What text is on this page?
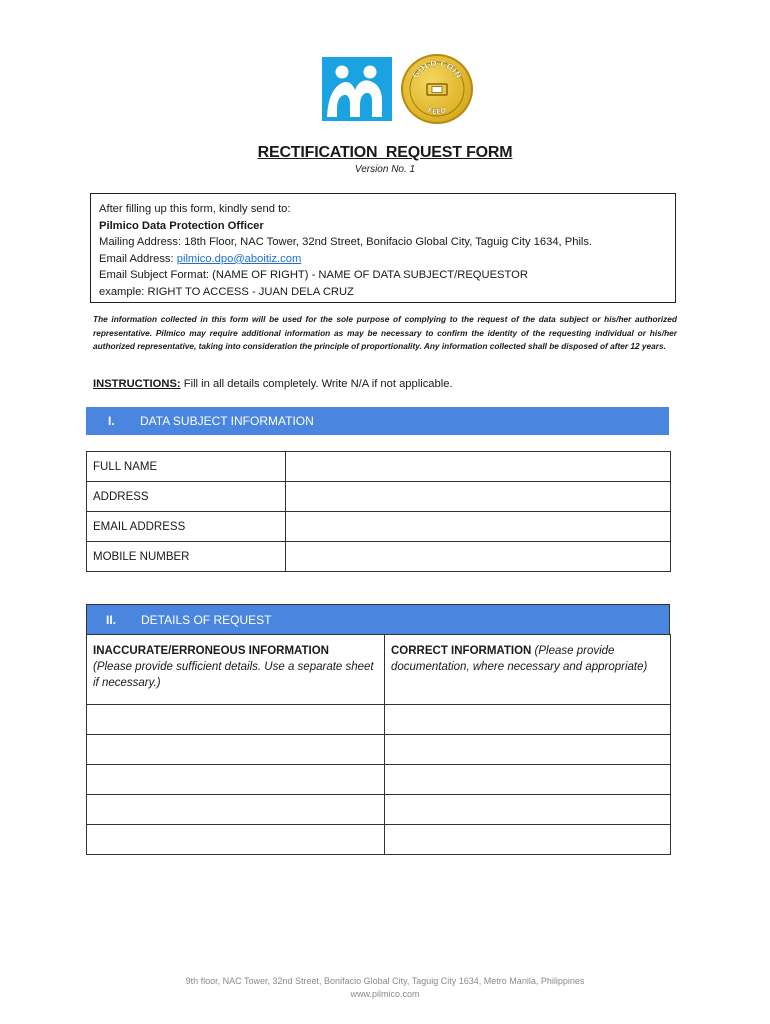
GOLD COIN
FEED
RECTIFICATION  REQUEST FORM
Version No. 1
After filling up this form, kindly send to:
Pilmico Data Protection Officer
Mailing Address: 18th Floor, NAC Tower, 32nd Street, Bonifacio Global City, Taguig City 1634, Phils.
Email Address: pilmico.dpo@aboitiz.com
Email Subject Format: (NAME OF RIGHT) - NAME OF DATA SUBJECT/REQUESTOR
example: RIGHT TO ACCESS - JUAN DELA CRUZ
The information collected in this form will be used for the sole purpose of complying to the request of the data subject or his/her authorized representative. Pilmico may require additional information as may be necessary to confirm the identity of the requesting individual or his/her authorized representative, taking into consideration the principle of proportionality. Any information collected shall be disposed of after 12 years.
INSTRUCTIONS: Fill in all details completely. Write N/A if not applicable.
I. DATA SUBJECT INFORMATION
FULL NAME	
ADDRESS	
EMAIL ADDRESS	
MOBILE NUMBER	
II. DETAILS OF REQUEST
INACCURATE/ERRONEOUS INFORMATION
(Please provide sufficient details. Use a separate sheet if necessary.)	CORRECT INFORMATION (Please provide documentation, where necessary and appropriate)

9th floor, NAC Tower, 32nd Street, Bonifacio Global City, Taguig City 1634, Metro Manila, Philippines
www.pilmico.com
